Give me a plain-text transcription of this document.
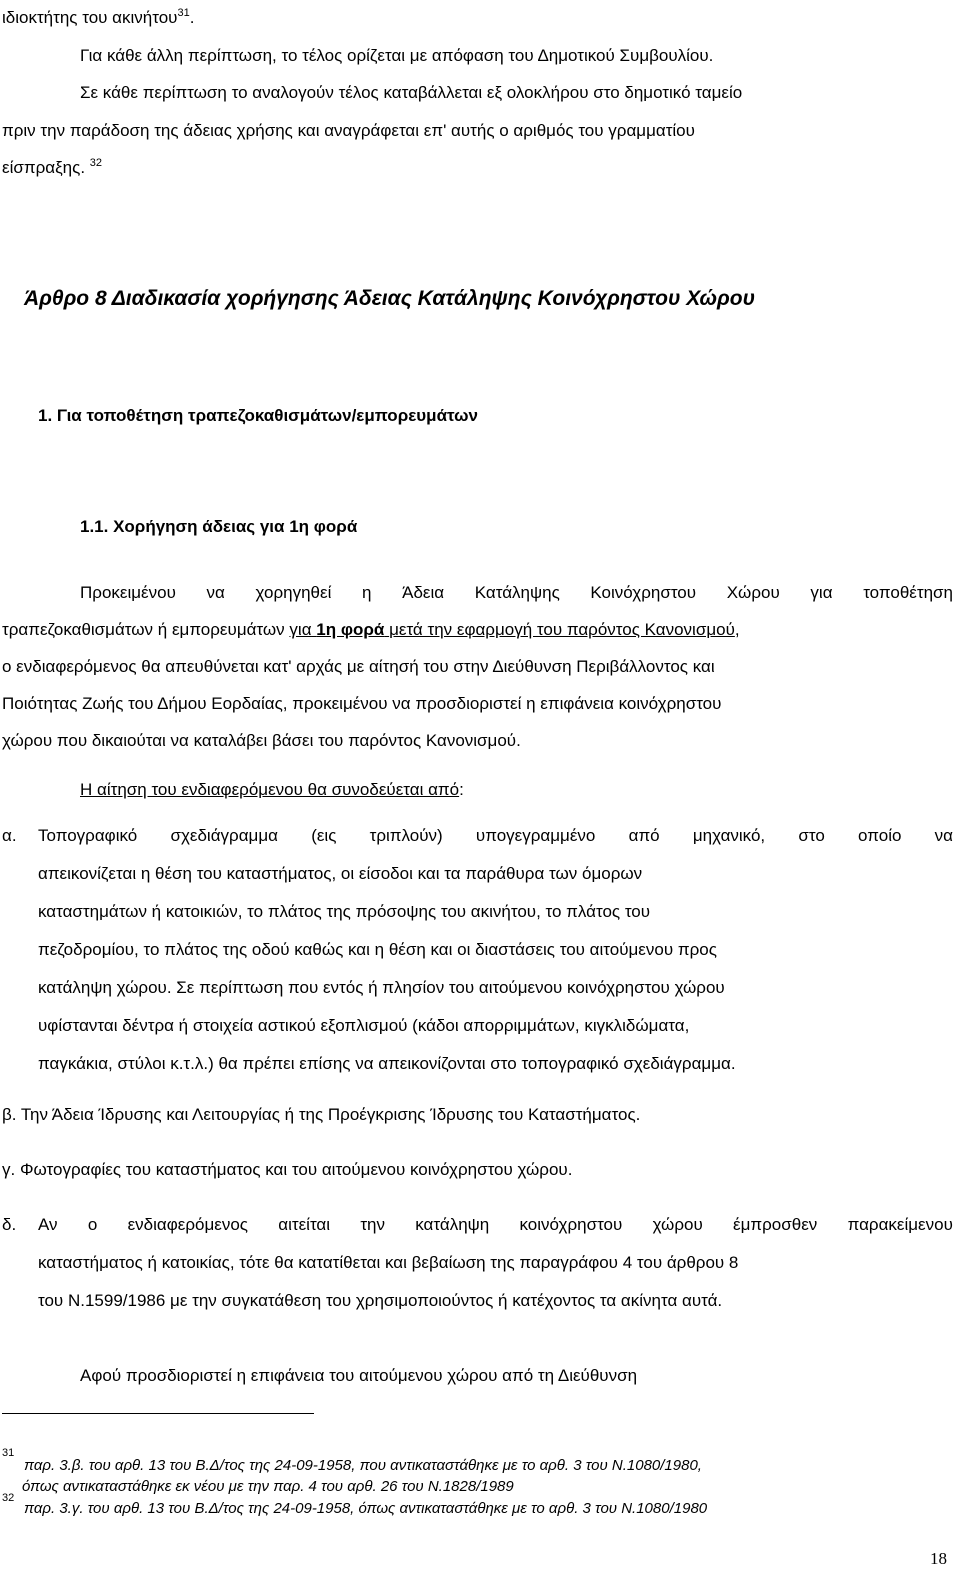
ιδιοκτήτης του ακινήτου$^{31}$.
Για κάθε άλλη περίπτωση, το τέλος ορίζεται με απόφαση του Δημοτικού Συμβουλίου.
Σε κάθε περίπτωση το αναλογούν τέλος καταβάλλεται εξ ολοκλήρου στο δημοτικό ταμείο
πριν την παράδοση της άδειας χρήσης και αναγράφεται επ' αυτής ο αριθμός του γραμματίου
είσπραξης. $^{32}$
Άρθρο 8 Διαδικασία χορήγησης Άδειας Κατάληψης Κοινόχρηστου Χώρου
1. Για τοποθέτηση τραπεζοκαθισμάτων/εμπορευμάτων
1.1. Χορήγηση άδειας για 1η φορά
Προκειμένου να χορηγηθεί η Άδεια Κατάληψης Κοινόχρηστου Χώρου για τοποθέτηση
τραπεζοκαθισμάτων ή εμπορευμάτων για 1η φορά μετά την εφαρμογή του παρόντος Κανονισμού,
ο ενδιαφερόμενος θα απευθύνεται κατ' αρχάς με αίτησή του στην Διεύθυνση Περιβάλλοντος και
Ποιότητας Ζωής του Δήμου Εορδαίας, προκειμένου να προσδιοριστεί η επιφάνεια κοινόχρηστου
χώρου που δικαιούται να καταλάβει βάσει του παρόντος Κανονισμού.
Η αίτηση του ενδιαφερόμενου θα συνοδεύεται από:
α. Τοπογραφικό σχεδιάγραμμα (εις τριπλούν) υπογεγραμμένο από μηχανικό, στο οποίο να
απεικονίζεται η θέση του καταστήματος, οι είσοδοι και τα παράθυρα των όμορων
καταστημάτων ή κατοικιών, το πλάτος της πρόσοψης του ακινήτου, το πλάτος του
πεζοδρομίου, το πλάτος της οδού καθώς και η θέση και οι διαστάσεις του αιτούμενου προς
κατάληψη χώρου. Σε περίπτωση που εντός ή πλησίον του αιτούμενου κοινόχρηστου χώρου
υφίστανται δέντρα ή στοιχεία αστικού εξοπλισμού (κάδοι απορριμμάτων, κιγκλιδώματα,
παγκάκια, στύλοι κ.τ.λ.) θα πρέπει επίσης να απεικονίζονται στο τοπογραφικό σχεδιάγραμμα.
β. Την Άδεια Ίδρυσης και Λειτουργίας ή της Προέγκρισης Ίδρυσης του Καταστήματος.
γ. Φωτογραφίες του καταστήματος και του αιτούμενου κοινόχρηστου χώρου.
δ. Αν ο ενδιαφερόμενος αιτείται την κατάληψη κοινόχρηστου χώρου έμπροσθεν παρακείμενου
καταστήματος ή κατοικίας, τότε θα κατατίθεται και βεβαίωση της παραγράφου 4 του άρθρου 8
του Ν.1599/1986 με την συγκατάθεση του χρησιμοποιούντος ή κατέχοντος τα ακίνητα αυτά.
Αφού προσδιοριστεί η επιφάνεια του αιτούμενου χώρου από τη Διεύθυνση
31
παρ. 3.β. του αρθ. 13 του Β.Δ/τος της 24-09-1958, που αντικαταστάθηκε με το αρθ. 3 του Ν.1080/1980,
όπως αντικαταστάθηκε εκ νέου με την παρ. 4 του αρθ. 26 του Ν.1828/1989
32
παρ. 3.γ. του αρθ. 13 του Β.Δ/τος της 24-09-1958, όπως αντικαταστάθηκε με το αρθ. 3 του Ν.1080/1980
18
